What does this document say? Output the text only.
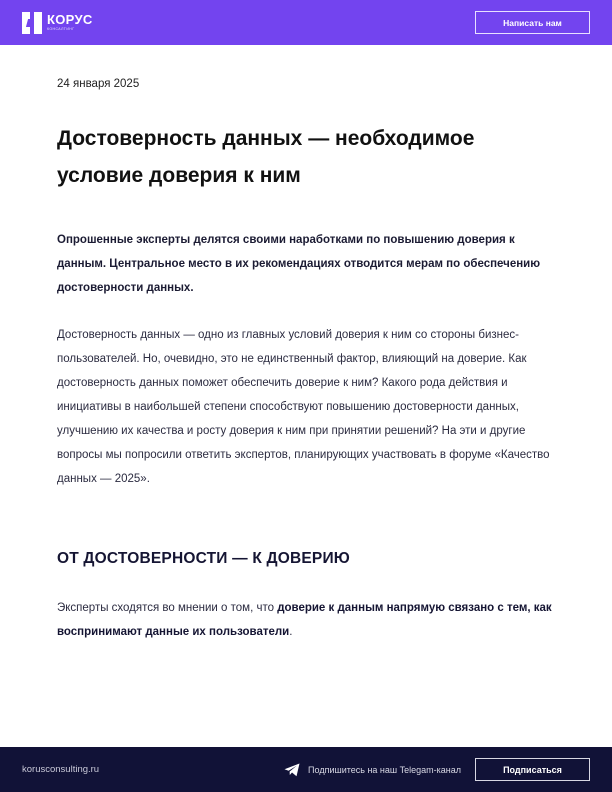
КОРУС
КОНСАЛТИНГ
Написать нам
24 января 2025
Достоверность данных — необходимое условие доверия к ним

Опрошенные эксперты делятся своими наработками по повышению доверия к данным. Центральное место в их рекомендациях отводится мерам по обеспечению достоверности данных.

Достоверность данных — одно из главных условий доверия к ним со стороны бизнес-пользователей. Но, очевидно, это не единственный фактор, влияющий на доверие. Как достоверность данных поможет обеспечить доверие к ним? Какого рода действия и инициативы в наибольшей степени способствуют повышению достоверности данных, улучшению их качества и росту доверия к ним при принятии решений? На эти и другие вопросы мы попросили ответить экспертов, планирующих участвовать в форуме «Качество данных — 2025».

ОТ ДОСТОВЕРНОСТИ — К ДОВЕРИЮ

Эксперты сходятся во мнении о том, что доверие к данным напрямую связано с тем, как воспринимают данные их пользователи.

korusconsulting.ru	Подпишитесь на наш Telegam-канал	Подписаться
